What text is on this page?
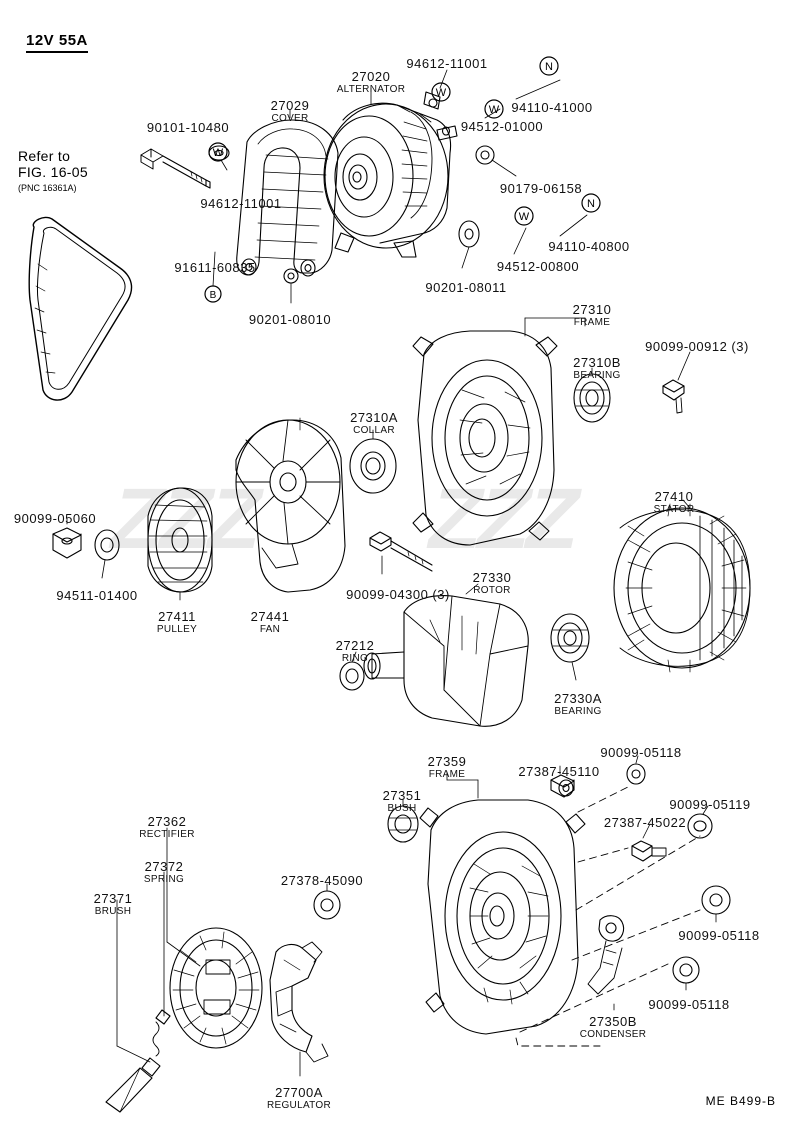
ZZZ ZZZ
W
N
W
N
W
W
B
12V 55A
Refer to
FIG. 16-05
(PNC 16361A)
90101-10480
94612-11001
27029
COVER
27020
ALTERNATOR
94612-11001
94110-41000
94512-01000
90179-06158
94110-40800
94512-00800
90201-08011
91611-60835
90201-08010
27310
FRAME
27310B
BEARING
90099-00912 (3)
27310A
COLLAR
27410
STATOR
90099-05060
94511-01400
27411
PULLEY
27441
FAN
90099-04300 (3)
27330
ROTOR
27212
RING
27330A
BEARING
27359
FRAME
27351
BUSH
27387-45110
90099-05118
27387-45022
90099-05119
90099-05118
90099-05118
27350B
CONDENSER
27362
RECTIFIER
27372
SPRING
27371
BRUSH
27378-45090
27700A
REGULATOR	ME B499-B
